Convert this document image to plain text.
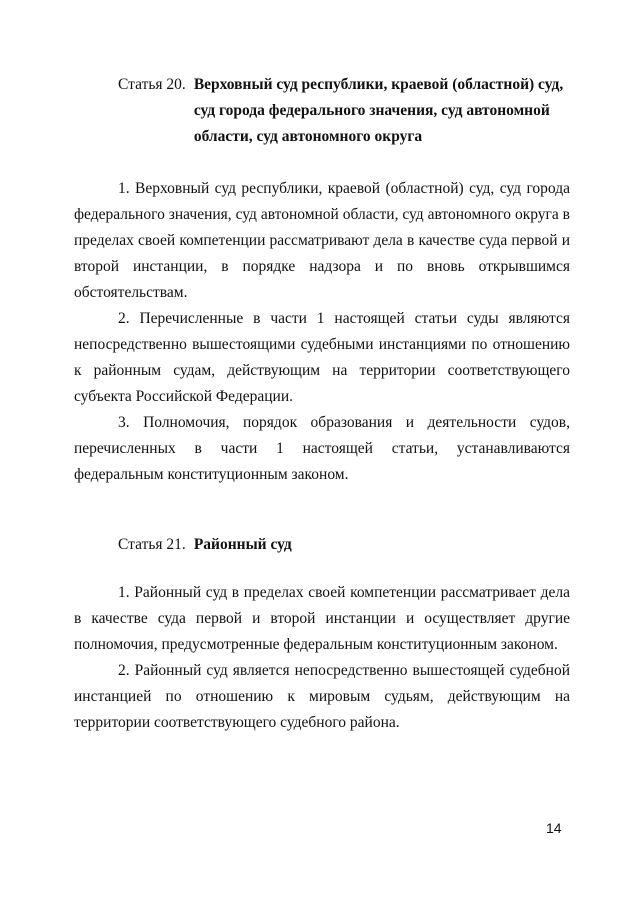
Статья 20. Верховный суд республики, краевой (областной) суд,
суд города федерального значения, суд автономной
области, суд автономного округа

1. Верховный суд республики, краевой (областной) суд, суд города федерального значения, суд автономной области, суд автономного округа в пределах своей компетенции рассматривают дела в качестве суда первой и второй инстанции, в порядке надзора и по вновь открывшимся обстоятельствам.

2. Перечисленные в части 1 настоящей статьи суды являются непосредственно вышестоящими судебными инстанциями по отношению к районным судам, действующим на территории соответствующего субъекта Российской Федерации.

3. Полномочия, порядок образования и деятельности судов, перечисленных в части 1 настоящей статьи, устанавливаются федеральным конституционным законом.

Статья 21. Районный суд

1. Районный суд в пределах своей компетенции рассматривает дела в качестве суда первой и второй инстанции и осуществляет другие полномочия, предусмотренные федеральным конституционным законом.

2. Районный суд является непосредственно вышестоящей судебной инстанцией по отношению к мировым судьям, действующим на территории соответствующего судебного района.

14
